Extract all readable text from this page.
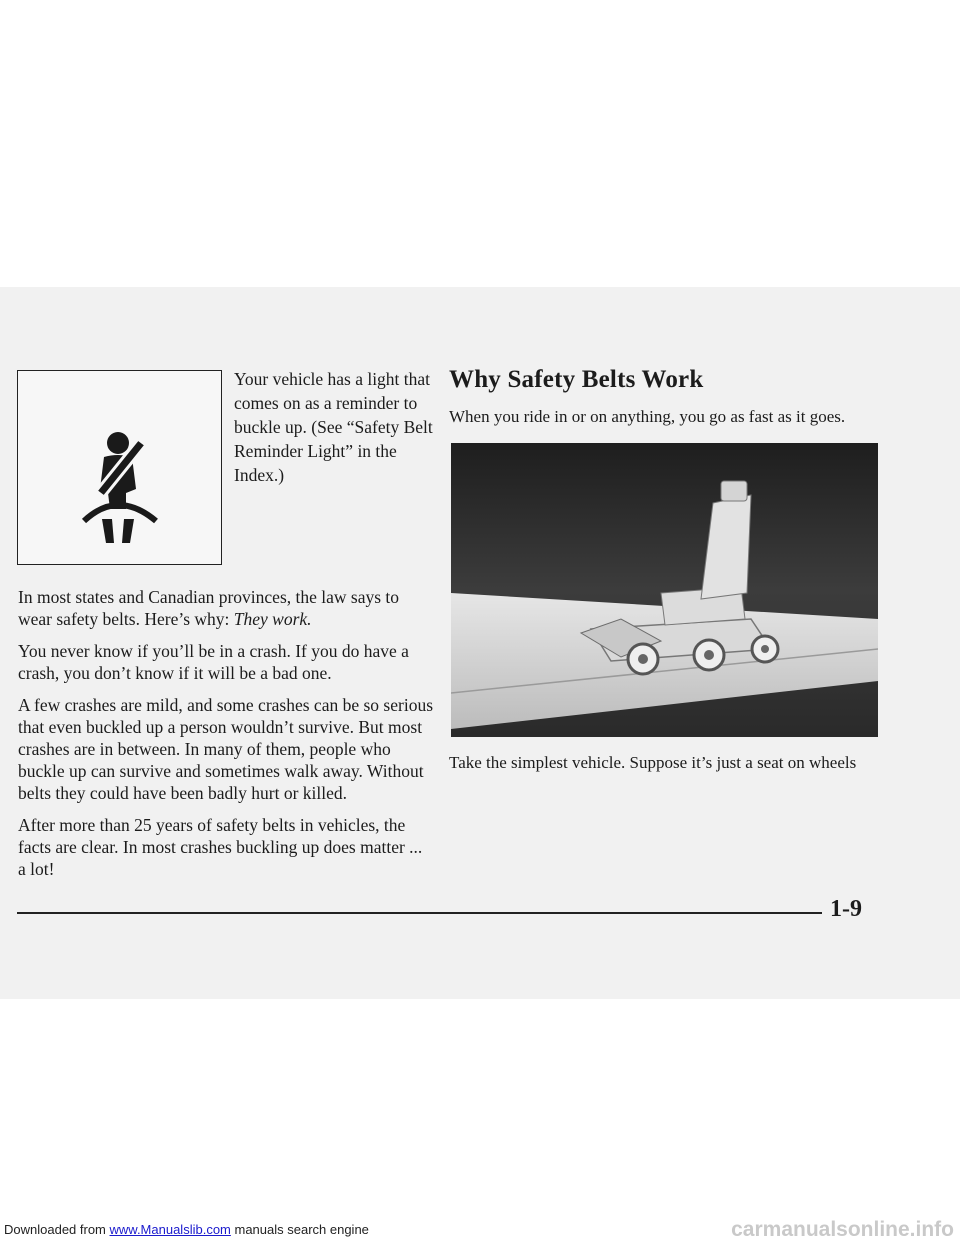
Your vehicle has a light that comes on as a reminder to buckle up. (See “Safety Belt Reminder Light” in the Index.)

In most states and Canadian provinces, the law says to wear safety belts. Here’s why: They work.

You never know if you’ll be in a crash. If you do have a crash, you don’t know if it will be a bad one.

A few crashes are mild, and some crashes can be so serious that even buckled up a person wouldn’t survive. But most crashes are in between. In many of them, people who buckle up can survive and sometimes walk away. Without belts they could have been badly hurt or killed.

After more than 25 years of safety belts in vehicles, the facts are clear. In most crashes buckling up does matter ... a lot!

Why Safety Belts Work

When you ride in or on anything, you go as fast as it goes.

Take the simplest vehicle. Suppose it’s just a seat on wheels

1-9

Downloaded from www.Manualslib.com manuals search engine	carmanualsonline.info
